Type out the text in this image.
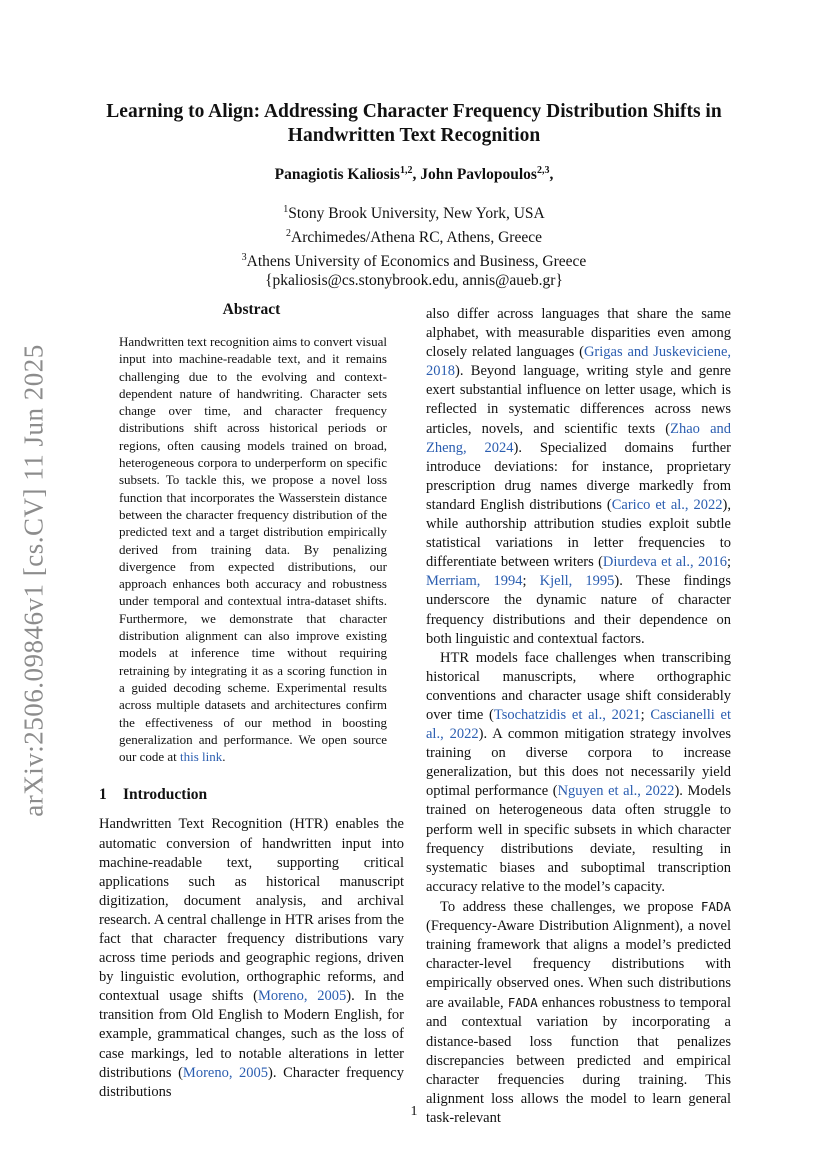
arXiv:2506.09846v1 [cs.CV] 11 Jun 2025
Learning to Align: Addressing Character Frequency Distribution Shifts in
Handwritten Text Recognition
Panagiotis Kaliosis$^{1,2}$, John Pavlopoulos$^{2,3}$,
$^1$Stony Brook University, New York, USA
$^2$Archimedes/Athena RC, Athens, Greece
$^3$Athens University of Economics and Business, Greece
{pkaliosis@cs.stonybrook.edu, annis@aueb.gr}
Abstract

Handwritten text recognition aims to convert visual input into machine-readable text, and it remains challenging due to the evolving and context-dependent nature of handwriting. Character sets change over time, and character frequency distributions shift across historical periods or regions, often causing models trained on broad, heterogeneous corpora to underperform on specific subsets. To tackle this, we propose a novel loss function that incorporates the Wasserstein distance between the character frequency distribution of the predicted text and a target distribution empirically derived from training data. By penalizing divergence from expected distributions, our approach enhances both accuracy and robustness under temporal and contextual intra-dataset shifts. Furthermore, we demonstrate that character distribution alignment can also improve existing models at inference time without requiring retraining by integrating it as a scoring function in a guided decoding scheme. Experimental results across multiple datasets and architectures confirm the effectiveness of our method in boosting generalization and performance. We open source our code at this link.

1 Introduction

Handwritten Text Recognition (HTR) enables the automatic conversion of handwritten input into machine-readable text, supporting critical applications such as historical manuscript digitization, document analysis, and archival research. A central challenge in HTR arises from the fact that character frequency distributions vary across time periods and geographic regions, driven by linguistic evolution, orthographic reforms, and contextual usage shifts (Moreno, 2005). In the transition from Old English to Modern English, for example, grammatical changes, such as the loss of case markings, led to notable alterations in letter distributions (Moreno, 2005). Character frequency distributions

also differ across languages that share the same alphabet, with measurable disparities even among closely related languages (Grigas and Juskeviciene, 2018). Beyond language, writing style and genre exert substantial influence on letter usage, which is reflected in systematic differences across news articles, novels, and scientific texts (Zhao and Zheng, 2024). Specialized domains further introduce deviations: for instance, proprietary prescription drug names diverge markedly from standard English distributions (Carico et al., 2022), while authorship attribution studies exploit subtle statistical variations in letter frequencies to differentiate between writers (Diurdeva et al., 2016; Merriam, 1994; Kjell, 1995). These findings underscore the dynamic nature of character frequency distributions and their dependence on both linguistic and contextual factors.

HTR models face challenges when transcribing historical manuscripts, where orthographic conventions and character usage shift considerably over time (Tsochatzidis et al., 2021; Cascianelli et al., 2022). A common mitigation strategy involves training on diverse corpora to increase generalization, but this does not necessarily yield optimal performance (Nguyen et al., 2022). Models trained on heterogeneous data often struggle to perform well in specific subsets in which character frequency distributions deviate, resulting in systematic biases and suboptimal transcription accuracy relative to the model’s capacity.

To address these challenges, we propose FADA (Frequency-Aware Distribution Alignment), a novel training framework that aligns a model’s predicted character-level frequency distributions with empirically observed ones. When such distributions are available, FADA enhances robustness to temporal and contextual variation by incorporating a distance-based loss function that penalizes discrepancies between predicted and empirical character frequencies during training. This alignment loss allows the model to learn general task-relevant

1
